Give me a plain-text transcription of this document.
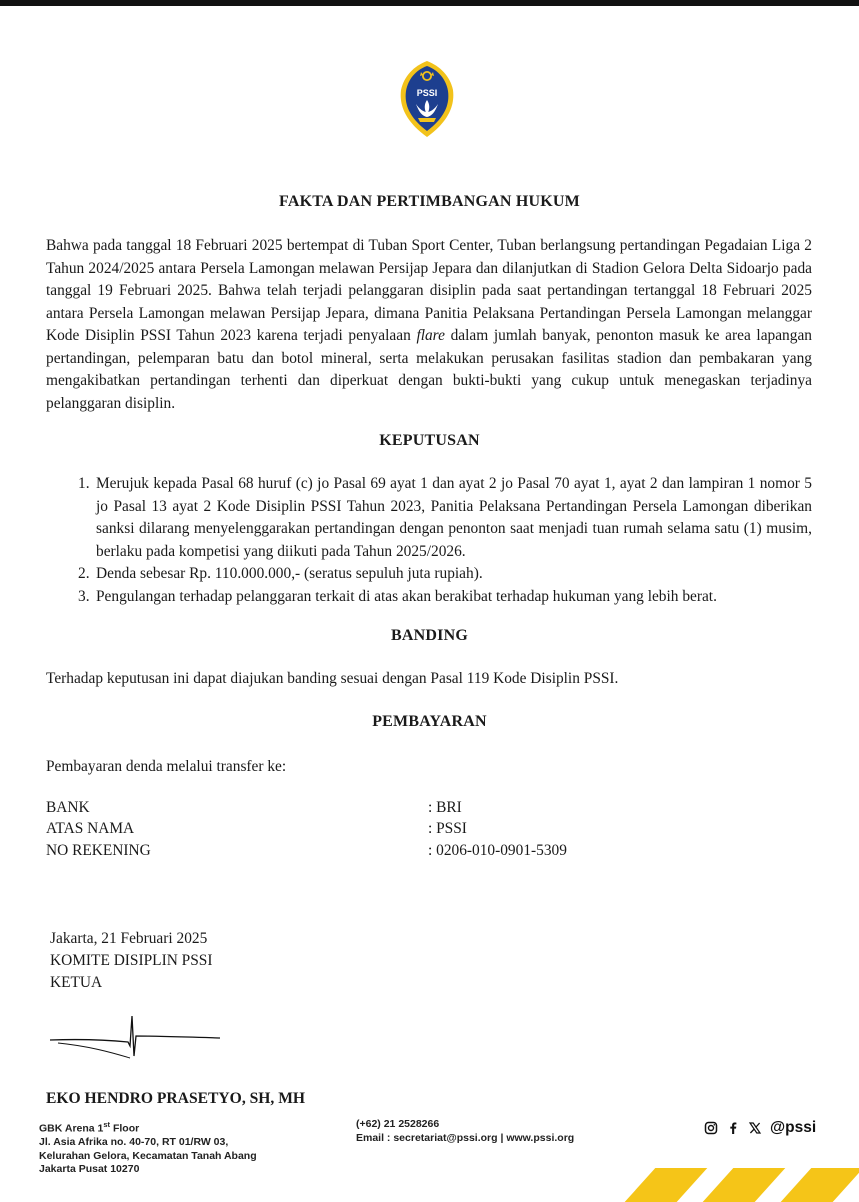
PSSI
FAKTA DAN PERTIMBANGAN HUKUM

Bahwa pada tanggal 18 Februari 2025 bertempat di Tuban Sport Center, Tuban berlangsung pertandingan Pegadaian Liga 2 Tahun 2024/2025 antara Persela Lamongan melawan Persijap Jepara dan dilanjutkan di Stadion Gelora Delta Sidoarjo pada tanggal 19 Februari 2025. Bahwa telah terjadi pelanggaran disiplin pada saat pertandingan tertanggal 18 Februari 2025 antara Persela Lamongan melawan Persijap Jepara, dimana Panitia Pelaksana Pertandingan Persela Lamongan melanggar Kode Disiplin PSSI Tahun 2023 karena terjadi penyalaan flare dalam jumlah banyak, penonton masuk ke area lapangan pertandingan, pelemparan batu dan botol mineral, serta melakukan perusakan fasilitas stadion dan pembakaran yang mengakibatkan pertandingan terhenti dan diperkuat dengan bukti-bukti yang cukup untuk menegaskan terjadinya pelanggaran disiplin.

KEPUTUSAN
1. Merujuk kepada Pasal 68 huruf (c) jo Pasal 69 ayat 1 dan ayat 2 jo Pasal 70 ayat 1, ayat 2 dan lampiran 1 nomor 5 jo Pasal 13 ayat 2 Kode Disiplin PSSI Tahun 2023, Panitia Pelaksana Pertandingan Persela Lamongan diberikan sanksi dilarang menyelenggarakan pertandingan dengan penonton saat menjadi tuan rumah selama satu (1) musim, berlaku pada kompetisi yang diikuti pada Tahun 2025/2026.
2. Denda sebesar Rp. 110.000.000,- (seratus sepuluh juta rupiah).
3. Pengulangan terhadap pelanggaran terkait di atas akan berakibat terhadap hukuman yang lebih berat.
BANDING
Terhadap keputusan ini dapat diajukan banding sesuai dengan Pasal 119 Kode Disiplin PSSI.
PEMBAYARAN
Pembayaran denda melalui transfer ke:
BANK	: BRI
ATAS NAMA	: PSSI
NO REKENING	: 0206-010-0901-5309
Jakarta, 21 Februari 2025
KOMITE DISIPLIN PSSI
KETUA
EKO HENDRO PRASETYO, SH, MH
GBK Arena 1st Floor
Jl. Asia Afrika no. 40-70, RT 01/RW 03,
Kelurahan Gelora, Kecamatan Tanah Abang
Jakarta Pusat 10270
(+62) 21 2528266
Email : secretariat@pssi.org | www.pssi.org
@pssi
